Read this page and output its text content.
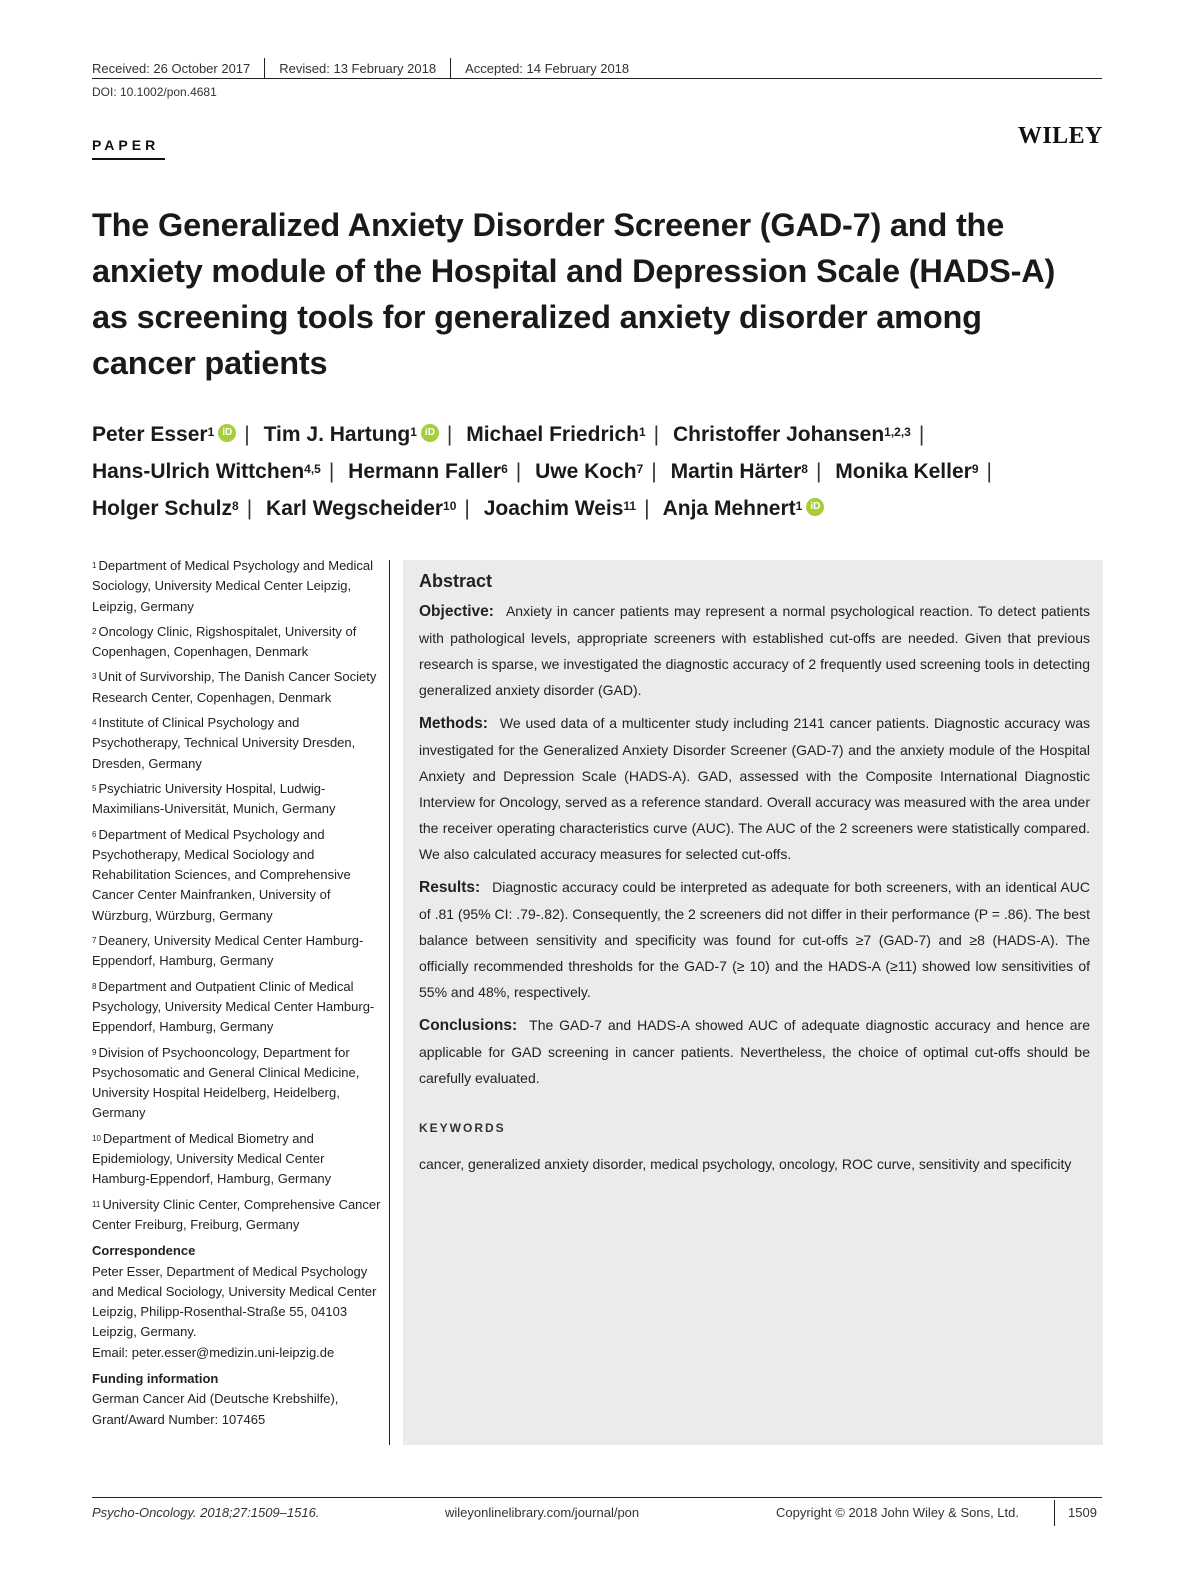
Received: 26 October 2017 Revised: 13 February 2018 Accepted: 14 February 2018
DOI: 10.1002/pon.4681
PAPER	WILEY
The Generalized Anxiety Disorder Screener (GAD-7) and the
anxiety module of the Hospital and Depression Scale (HADS-A)
as screening tools for generalized anxiety disorder among
cancer patients
Peter Esser$^1$ iD | Tim J. Hartung$^1$ iD | Michael Friedrich$^1$ | Christoffer Johansen$^{1,2,3}$ |
Hans-Ulrich Wittchen$^{4,5}$ | Hermann Faller$^6$ | Uwe Koch$^7$ | Martin Härter$^8$ | Monika Keller$^9$ |
Holger Schulz$^8$ | Karl Wegscheider$^{10}$ | Joachim Weis$^{11}$ | Anja Mehnert$^1$ iD
$^1$ Department of Medical Psychology and Medical Sociology, University Medical Center Leipzig, Leipzig, Germany
$^2$ Oncology Clinic, Rigshospitalet, University of Copenhagen, Copenhagen, Denmark
$^3$ Unit of Survivorship, The Danish Cancer Society Research Center, Copenhagen, Denmark
$^4$ Institute of Clinical Psychology and Psychotherapy, Technical University Dresden, Dresden, Germany
$^5$ Psychiatric University Hospital, Ludwig-Maximilians-Universität, Munich, Germany
$^6$ Department of Medical Psychology and Psychotherapy, Medical Sociology and Rehabilitation Sciences, and Comprehensive Cancer Center Mainfranken, University of Würzburg, Würzburg, Germany
$^7$ Deanery, University Medical Center Hamburg-Eppendorf, Hamburg, Germany
$^8$ Department and Outpatient Clinic of Medical Psychology, University Medical Center Hamburg-Eppendorf, Hamburg, Germany
$^9$ Division of Psychooncology, Department for Psychosomatic and General Clinical Medicine, University Hospital Heidelberg, Heidelberg, Germany
$^{10}$ Department of Medical Biometry and Epidemiology, University Medical Center Hamburg-Eppendorf, Hamburg, Germany
$^{11}$ University Clinic Center, Comprehensive Cancer Center Freiburg, Freiburg, Germany
Correspondence
Peter Esser, Department of Medical Psychology and Medical Sociology, University Medical Center Leipzig, Philipp-Rosenthal-Straße 55, 04103 Leipzig, Germany.
Email: peter.esser@medizin.uni-leipzig.de
Funding information
German Cancer Aid (Deutsche Krebshilfe), Grant/Award Number: 107465
Abstract

Objective: Anxiety in cancer patients may represent a normal psychological reaction. To detect patients with pathological levels, appropriate screeners with established cut-offs are needed. Given that previous research is sparse, we investigated the diagnostic accuracy of 2 frequently used screening tools in detecting generalized anxiety disorder (GAD).

Methods: We used data of a multicenter study including 2141 cancer patients. Diagnostic accuracy was investigated for the Generalized Anxiety Disorder Screener (GAD-7) and the anxiety module of the Hospital Anxiety and Depression Scale (HADS-A). GAD, assessed with the Composite International Diagnostic Interview for Oncology, served as a reference standard. Overall accuracy was measured with the area under the receiver operating characteristics curve (AUC). The AUC of the 2 screeners were statistically compared. We also calculated accuracy measures for selected cut-offs.

Results: Diagnostic accuracy could be interpreted as adequate for both screeners, with an identical AUC of .81 (95% CI: .79-.82). Consequently, the 2 screeners did not differ in their performance (P = .86). The best balance between sensitivity and specificity was found for cut-offs ≥7 (GAD-7) and ≥8 (HADS-A). The officially recommended thresholds for the GAD-7 (≥ 10) and the HADS-A (≥11) showed low sensitivities of 55% and 48%, respectively.

Conclusions: The GAD-7 and HADS-A showed AUC of adequate diagnostic accuracy and hence are applicable for GAD screening in cancer patients. Nevertheless, the choice of optimal cut-offs should be carefully evaluated.

KEYWORDS
cancer, generalized anxiety disorder, medical psychology, oncology, ROC curve, sensitivity and specificity
Psycho-Oncology. 2018;27:1509–1516.	wileyonlinelibrary.com/journal/pon	Copyright © 2018 John Wiley & Sons, Ltd.	1509
